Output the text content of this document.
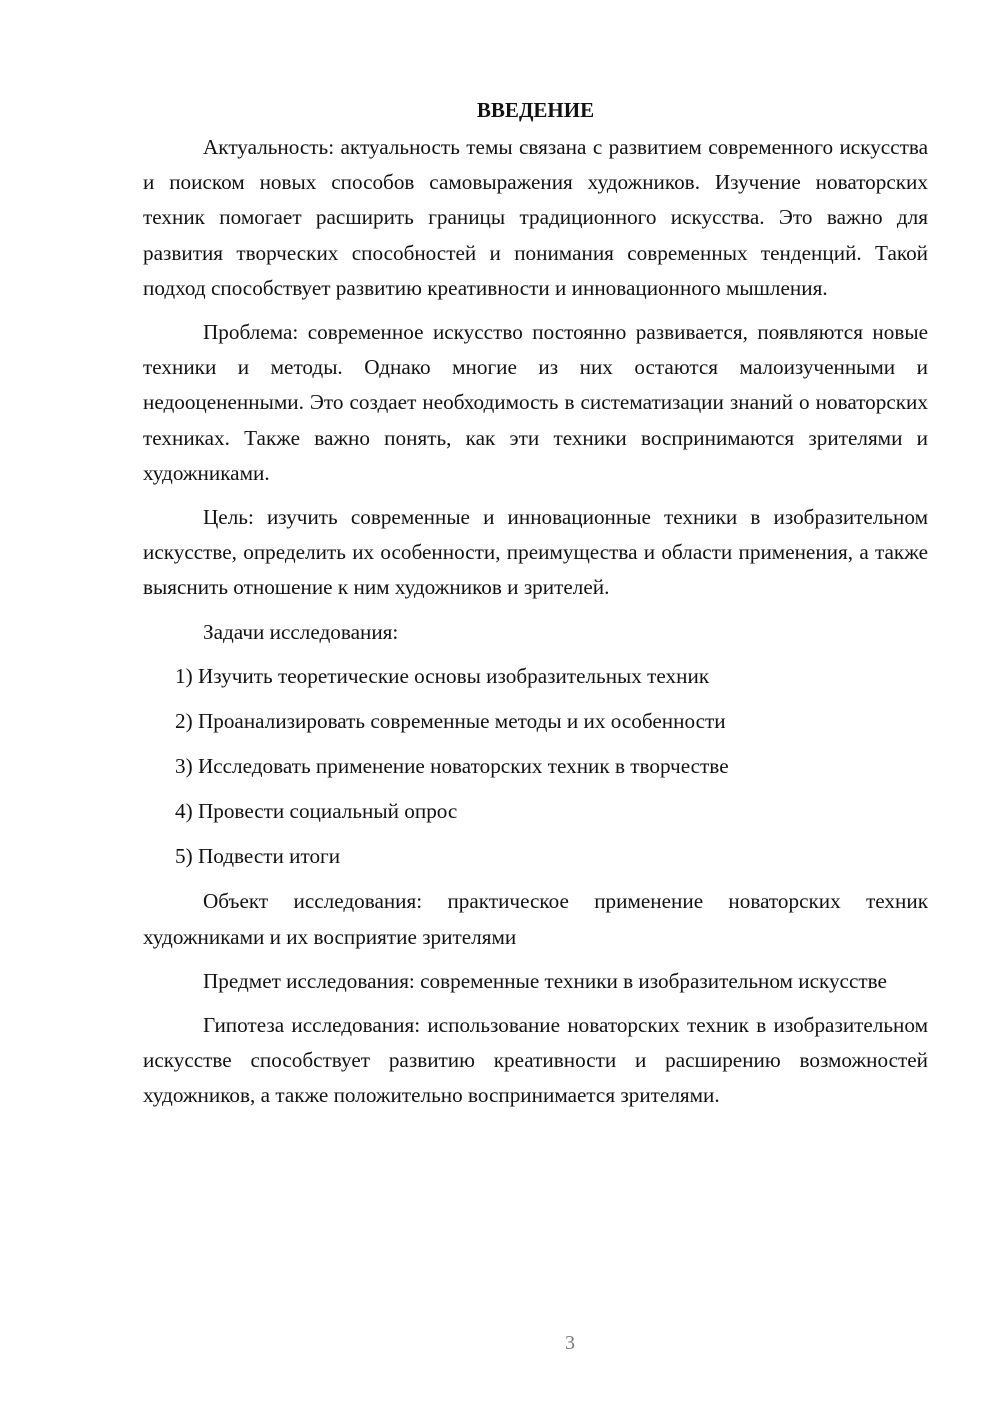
ВВЕДЕНИЕ

Актуальность: актуальность темы связана с развитием современного искусства и поиском новых способов самовыражения художников. Изучение новаторских техник помогает расширить границы традиционного искусства. Это важно для развития творческих способностей и понимания современных тенденций. Такой подход способствует развитию креативности и инновационного мышления.

Проблема: современное искусство постоянно развивается, появляются новые техники и методы. Однако многие из них остаются малоизученными и недооцененными. Это создает необходимость в систематизации знаний о новаторских техниках. Также важно понять, как эти техники воспринимаются зрителями и художниками.

Цель: изучить современные и инновационные техники в изобразительном искусстве, определить их особенности, преимущества и области применения, а также выяснить отношение к ним художников и зрителей.

Задачи исследования:

1) Изучить теоретические основы изобразительных техник

2) Проанализировать современные методы и их особенности

3) Исследовать применение новаторских техник в творчестве

4) Провести социальный опрос

5) Подвести итоги

Объект исследования: практическое применение новаторских техник художниками и их восприятие зрителями

Предмет исследования: современные техники в изобразительном искусстве

Гипотеза исследования: использование новаторских техник в изобразительном искусстве способствует развитию креативности и расширению возможностей художников, а также положительно воспринимается зрителями.

3
